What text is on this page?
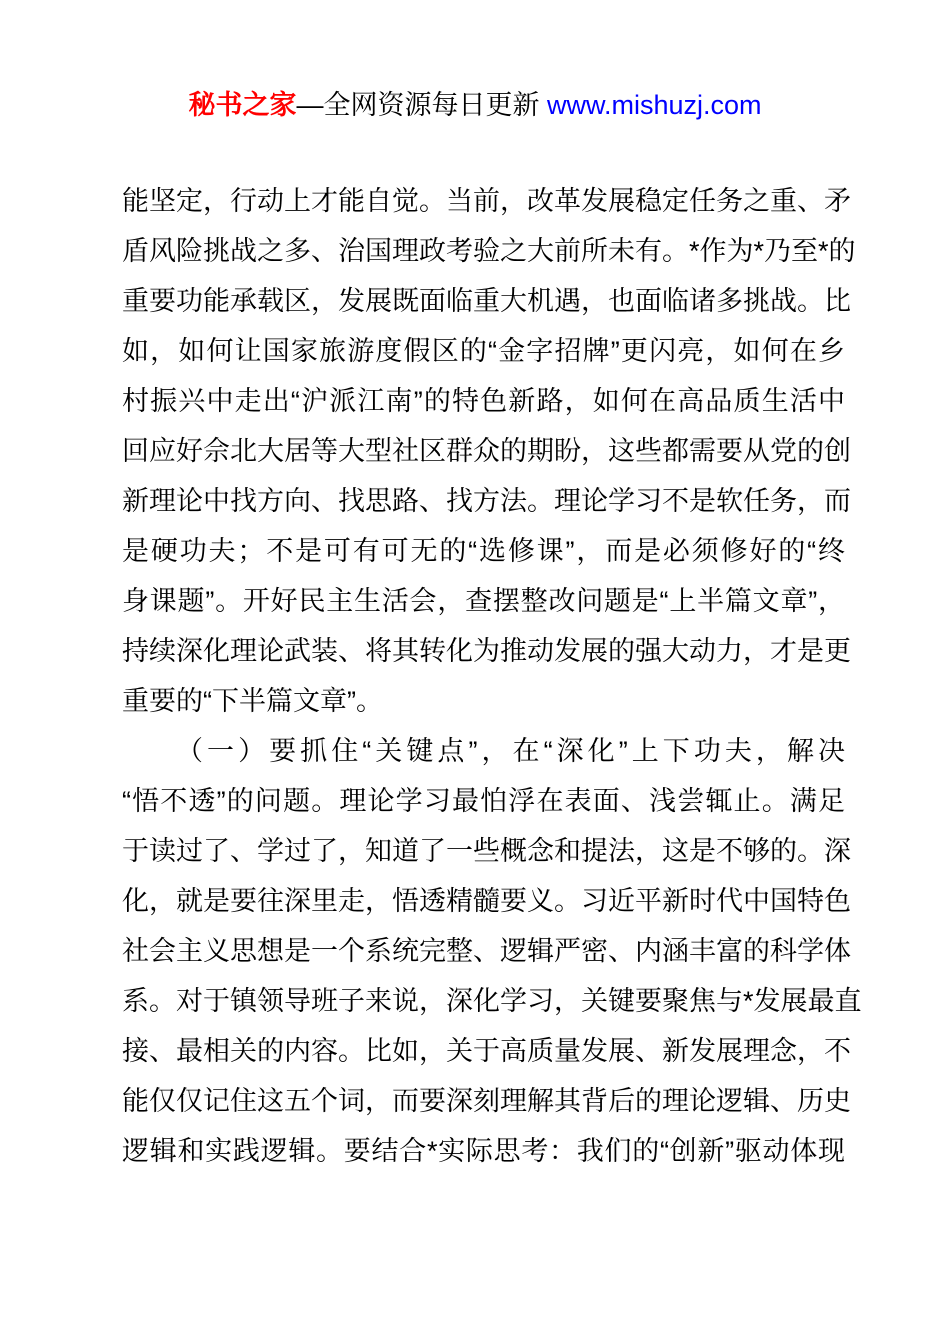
秘书之家—全网资源每日更新 www.mishuzj.com
能坚定，行动上才能自觉。当前，改革发展稳定任务之重、矛
盾风险挑战之多、治国理政考验之大前所未有。*作为*乃至*的
重要功能承载区，发展既面临重大机遇，也面临诸多挑战。比
如，如何让国家旅游度假区的“金字招牌”更闪亮，如何在乡
村振兴中走出“沪派江南”的特色新路，如何在高品质生活中
回应好佘北大居等大型社区群众的期盼，这些都需要从党的创
新理论中找方向、找思路、找方法。理论学习不是软任务，而
是硬功夫；不是可有可无的“选修课”，而是必须修好的“终
身课题”。开好民主生活会，查摆整改问题是“上半篇文章”，
持续深化理论武装、将其转化为推动发展的强大动力，才是更
重要的“下半篇文章”。
（一）要抓住“关键点”，在“深化”上下功夫，解决
“悟不透”的问题。理论学习最怕浮在表面、浅尝辄止。满足
于读过了、学过了，知道了一些概念和提法，这是不够的。深
化，就是要往深里走，悟透精髓要义。习近平新时代中国特色
社会主义思想是一个系统完整、逻辑严密、内涵丰富的科学体
系。对于镇领导班子来说，深化学习，关键要聚焦与*发展最直
接、最相关的内容。比如，关于高质量发展、新发展理念，不
能仅仅记住这五个词，而要深刻理解其背后的理论逻辑、历史
逻辑和实践逻辑。要结合*实际思考：我们的“创新”驱动体现
